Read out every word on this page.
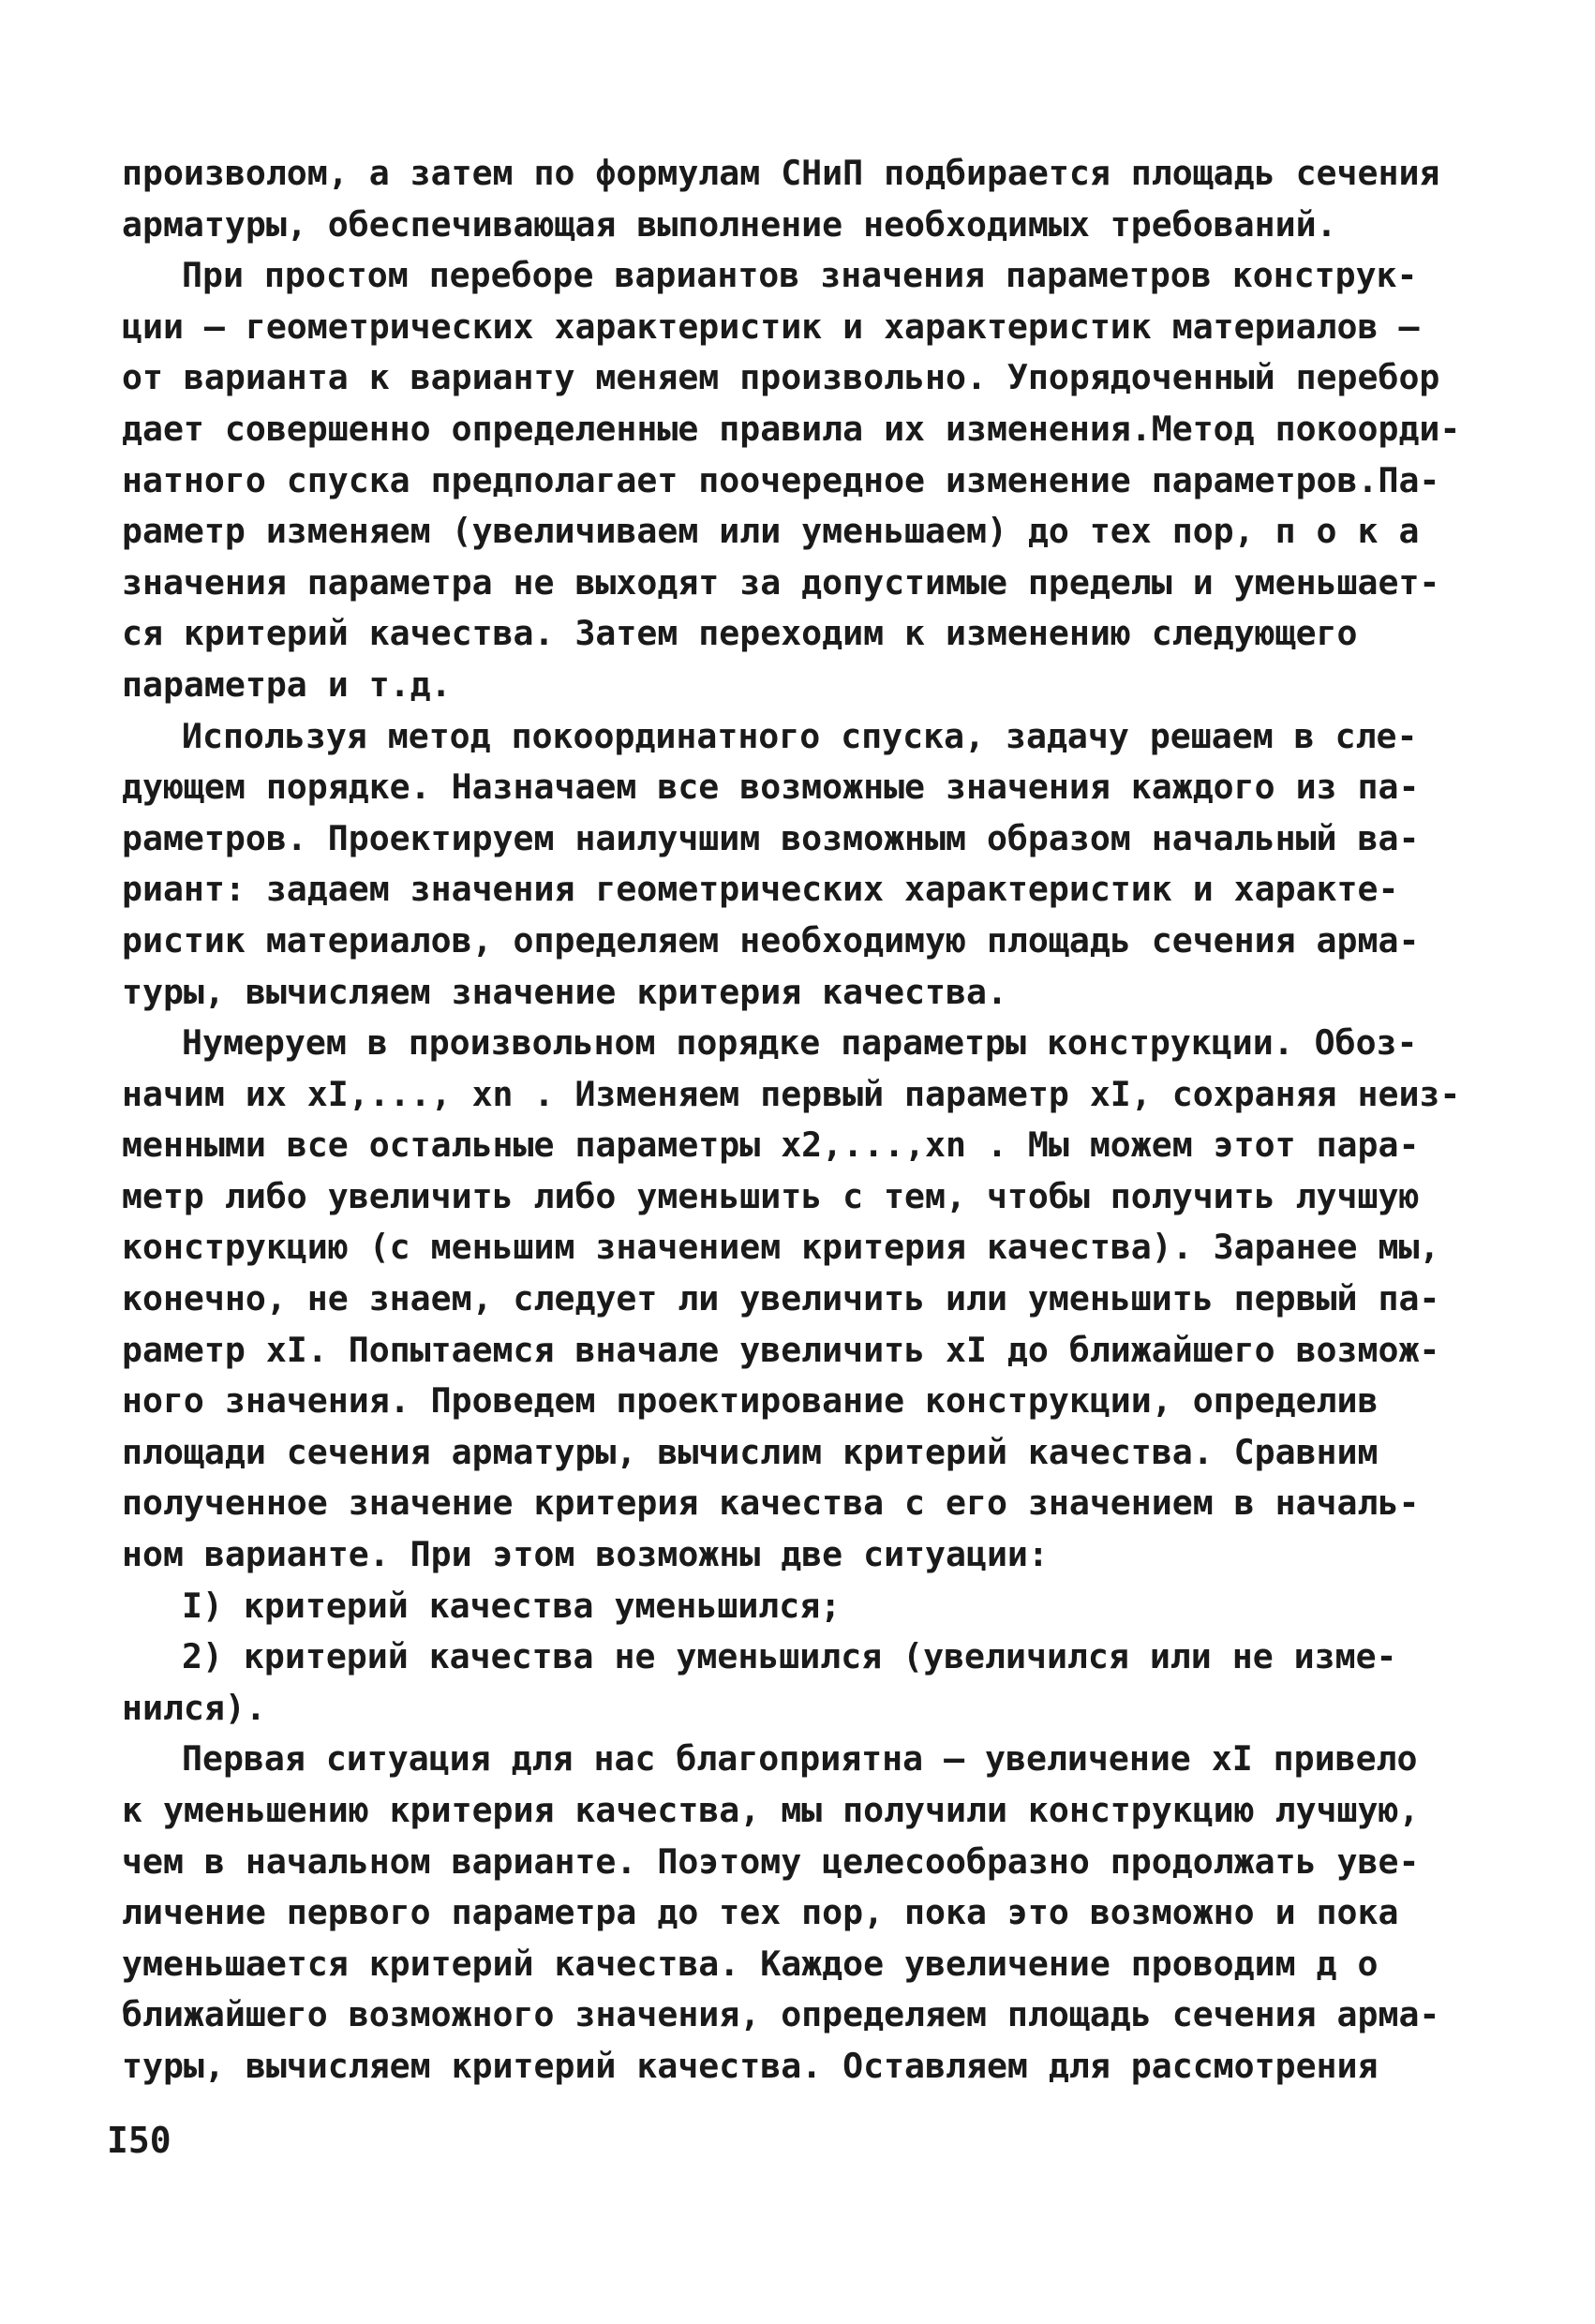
произволом, а затем по формулам СНиП подбирается площадь сечения
арматуры, обеспечивающая выполнение необходимых требований.
При простом переборе вариантов значения параметров конструк-
ции – геометрических характеристик и характеристик материалов –
от варианта к варианту меняем произвольно. Упорядоченный перебор
дает совершенно определенные правила их изменения.Метод покоорди-
натного спуска предполагает поочередное изменение параметров.Па-
раметр изменяем (увеличиваем или уменьшаем) до тех пор, п о к а
значения параметра не выходят за допустимые пределы и уменьшает-
ся критерий качества. Затем переходим к изменению следующего
параметра и т.д.
Используя метод покоординатного спуска, задачу решаем в сле-
дующем порядке. Назначаем все возможные значения каждого из па-
раметров. Проектируем наилучшим возможным образом начальный ва-
риант: задаем значения геометрических характеристик и характе-
ристик материалов, определяем необходимую площадь сечения арма-
туры, вычисляем значение критерия качества.
Нумеруем в произвольном порядке параметры конструкции. Обоз-
начим их xI,..., xn . Изменяем первый параметр xI, сохраняя неиз-
менными все остальные параметры x2,...,xn . Мы можем этот пара-
метр либо увеличить либо уменьшить с тем, чтобы получить лучшую
конструкцию (с меньшим значением критерия качества). Заранее мы,
конечно, не знаем, следует ли увеличить или уменьшить первый па-
раметр xI. Попытаемся вначале увеличить xI до ближайшего возмож-
ного значения. Проведем проектирование конструкции, определив
площади сечения арматуры, вычислим критерий качества. Сравним
полученное значение критерия качества с его значением в началь-
ном варианте. При этом возможны две ситуации:
I) критерий качества уменьшился;
2) критерий качества не уменьшился (увеличился или не изме-
нился).
Первая ситуация для нас благоприятна – увеличение xI привело
к уменьшению критерия качества, мы получили конструкцию лучшую,
чем в начальном варианте. Поэтому целесообразно продолжать уве-
личение первого параметра до тех пор, пока это возможно и пока
уменьшается критерий качества. Каждое увеличение проводим д о
ближайшего возможного значения, определяем площадь сечения арма-
туры, вычисляем критерий качества. Оставляем для рассмотрения
I50
